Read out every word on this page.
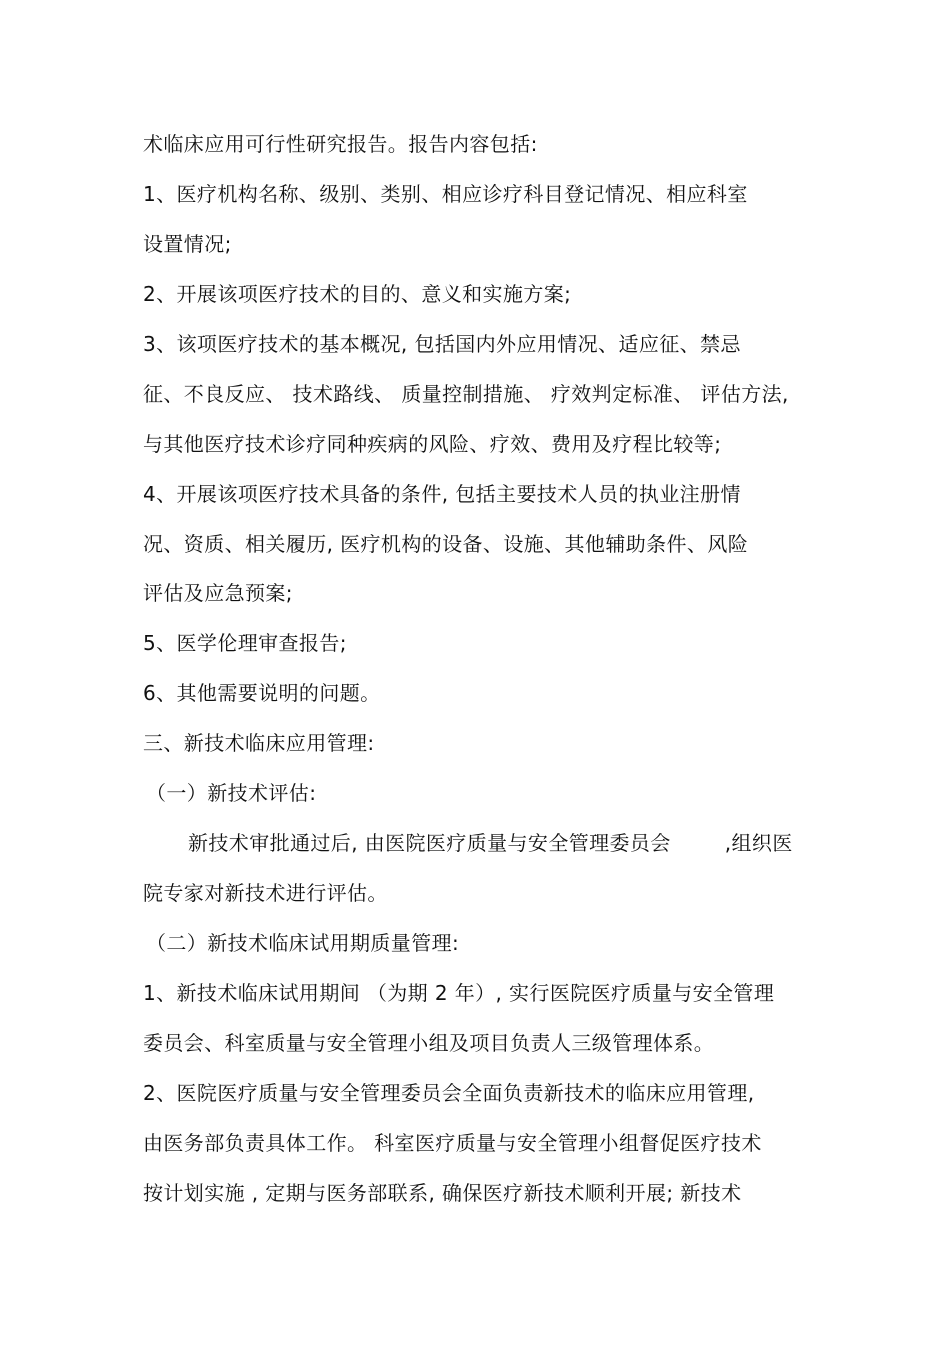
术临床应用可行性研究报告。报告内容包括:
1、医疗机构名称、级别、类别、相应诊疗科目登记情况、相应科室
设置情况;
2、开展该项医疗技术的目的、意义和实施方案;
3、该项医疗技术的基本概况, 包括国内外应用情况、适应征、禁忌
征、不良反应、 技术路线、 质量控制措施、 疗效判定标准、 评估方法,
与其他医疗技术诊疗同种疾病的风险、疗效、费用及疗程比较等;
4、开展该项医疗技术具备的条件, 包括主要技术人员的执业注册情
况、资质、相关履历, 医疗机构的设备、设施、其他辅助条件、风险
评估及应急预案;
5、医学伦理审查报告;
6、其他需要说明的问题。
三、新技术临床应用管理:
（一）新技术评估:
新技术审批通过后, 由医院医疗质量与安全管理委员会        ,组织医
院专家对新技术进行评估。
（二）新技术临床试用期质量管理:
1、新技术临床试用期间 （为期 2 年）, 实行医院医疗质量与安全管理
委员会、科室质量与安全管理小组及项目负责人三级管理体系。
2、医院医疗质量与安全管理委员会全面负责新技术的临床应用管理,
由医务部负责具体工作。 科室医疗质量与安全管理小组督促医疗技术
按计划实施 , 定期与医务部联系, 确保医疗新技术顺利开展; 新技术
